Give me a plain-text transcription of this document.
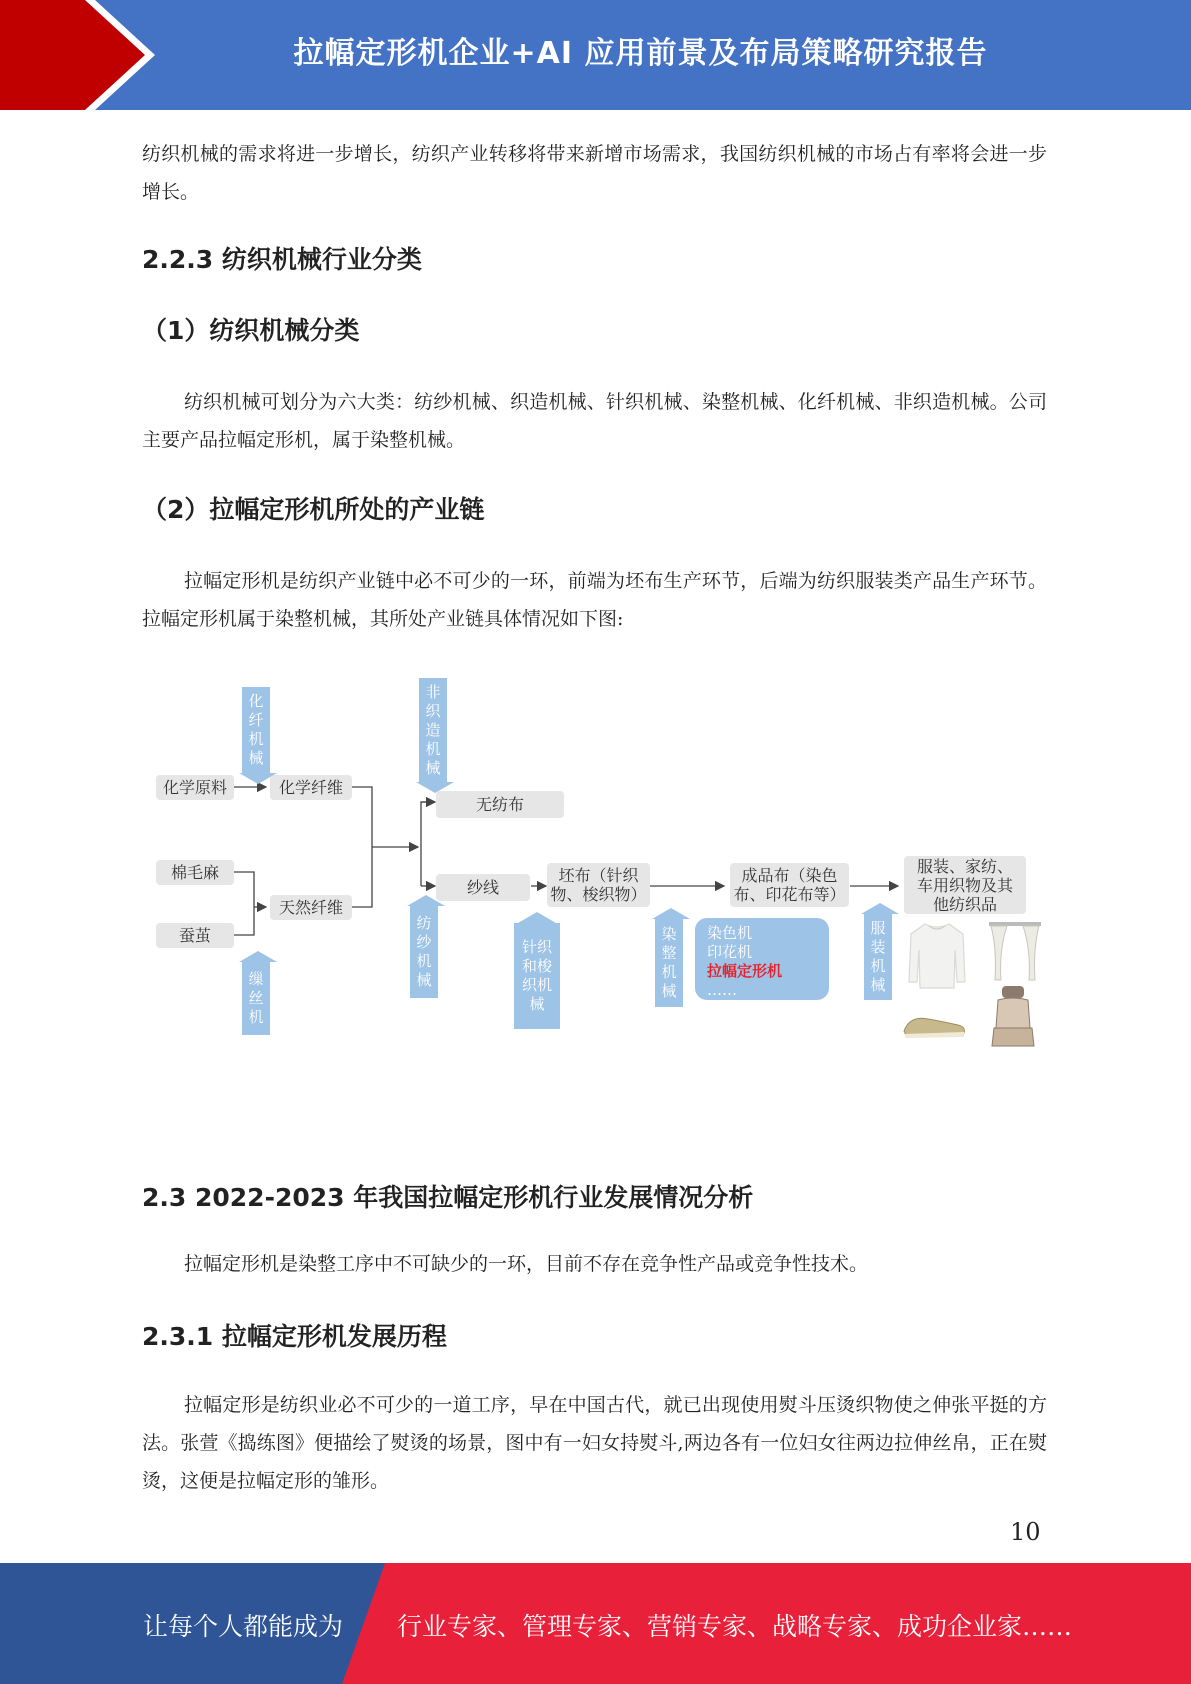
拉幅定形机企业+AI 应用前景及布局策略研究报告

纺织机械的需求将进一步增长，纺织产业转移将带来新增市场需求，我国纺织机械的市场占有率将会进一步增长。

2.2.3 纺织机械行业分类
（1）纺织机械分类

纺织机械可划分为六大类：纺纱机械、织造机械、针织机械、染整机械、化纤机械、非织造机械。公司主要产品拉幅定形机，属于染整机械。

（2）拉幅定形机所处的产业链

拉幅定形机是纺织产业链中必不可少的一环，前端为坯布生产环节，后端为纺织服装类产品生产环节。拉幅定形机属于染整机械，其所处产业链具体情况如下图:

化学原料	化学纤维
棉毛麻
蚕茧
天然纤维
无纺布
纱线
坯布（针织
物、梭织物）
成品布（染色
布、印花布等）
服装、家纺、
车用织物及其
他纺织品
化
纤
机
械
非
织
造
机
械
缫
丝
机
纺
纱
机
械
针织
和梭
织机
械
染
整
机
械
服
装
机
械
染色机
印花机
拉幅定形机
……
2.3 2022-2023 年我国拉幅定形机行业发展情况分析

拉幅定形机是染整工序中不可缺少的一环，目前不存在竞争性产品或竞争性技术。

2.3.1 拉幅定形机发展历程

拉幅定形是纺织业必不可少的一道工序，早在中国古代，就已出现使用熨斗压烫织物使之伸张平挺的方法。张萱《捣练图》便描绘了熨烫的场景，图中有一妇女持熨斗,两边各有一位妇女往两边拉伸丝帛，正在熨烫，这便是拉幅定形的雏形。

10
让每个人都能成为 行业专家、管理专家、营销专家、战略专家、成功企业家……
